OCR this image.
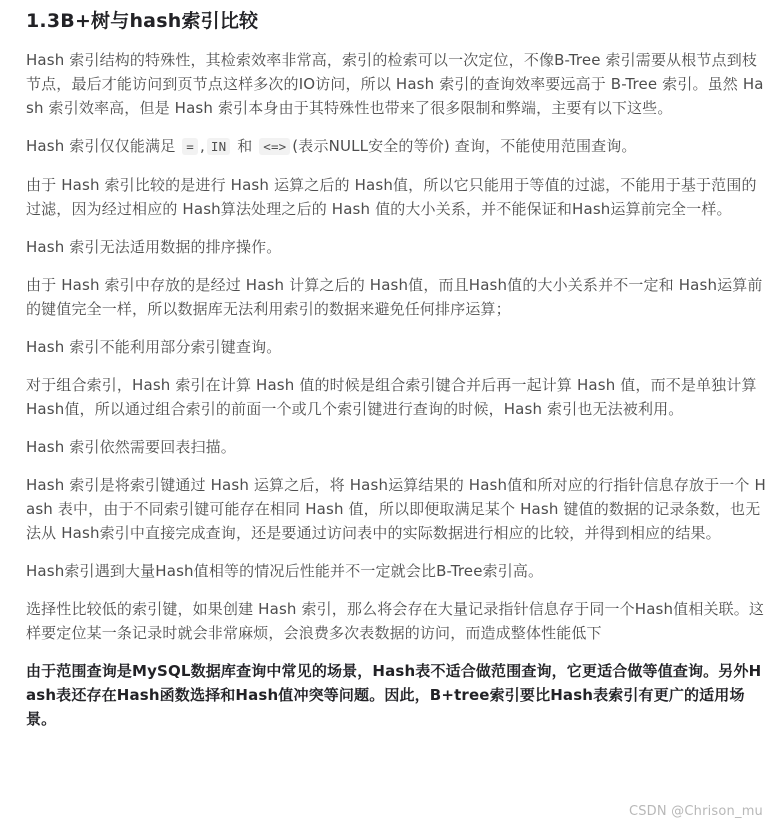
1.3B+树与hash索引比较

Hash 索引结构的特殊性，其检索效率非常高，索引的检索可以一次定位，不像B-Tree 索引需要从根节点到枝节点，最后才能访问到页节点这样多次的IO访问，所以 Hash 索引的查询效率要远高于 B-Tree 索引。虽然 Hash 索引效率高，但是 Hash 索引本身由于其特殊性也带来了很多限制和弊端，主要有以下这些。

Hash 索引仅仅能满足 = , IN 和 <=> (表示NULL安全的等价) 查询，不能使用范围查询。

由于 Hash 索引比较的是进行 Hash 运算之后的 Hash值，所以它只能用于等值的过滤，不能用于基于范围的过滤，因为经过相应的 Hash算法处理之后的 Hash 值的大小关系，并不能保证和Hash运算前完全一样。

Hash 索引无法适用数据的排序操作。

由于 Hash 索引中存放的是经过 Hash 计算之后的 Hash值，而且Hash值的大小关系并不一定和 Hash运算前的键值完全一样，所以数据库无法利用索引的数据来避免任何排序运算；

Hash 索引不能利用部分索引键查询。

对于组合索引，Hash 索引在计算 Hash 值的时候是组合索引键合并后再一起计算 Hash 值，而不是单独计算 Hash值，所以通过组合索引的前面一个或几个索引键进行查询的时候，Hash 索引也无法被利用。

Hash 索引依然需要回表扫描。

Hash 索引是将索引键通过 Hash 运算之后，将 Hash运算结果的 Hash值和所对应的行指针信息存放于一个 Hash 表中，由于不同索引键可能存在相同 Hash 值，所以即便取满足某个 Hash 键值的数据的记录条数，也无法从 Hash索引中直接完成查询，还是要通过访问表中的实际数据进行相应的比较，并得到相应的结果。

Hash索引遇到大量Hash值相等的情况后性能并不一定就会比B-Tree索引高。

选择性比较低的索引键，如果创建 Hash 索引，那么将会存在大量记录指针信息存于同一个Hash值相关联。这样要定位某一条记录时就会非常麻烦，会浪费多次表数据的访问，而造成整体性能低下

由于范围查询是MySQL数据库查询中常见的场景，Hash表不适合做范围查询，它更适合做等值查询。另外Hash表还存在Hash函数选择和Hash值冲突等问题。因此，B+tree索引要比Hash表索引有更广的适用场景。

CSDN @Chrison_mu
